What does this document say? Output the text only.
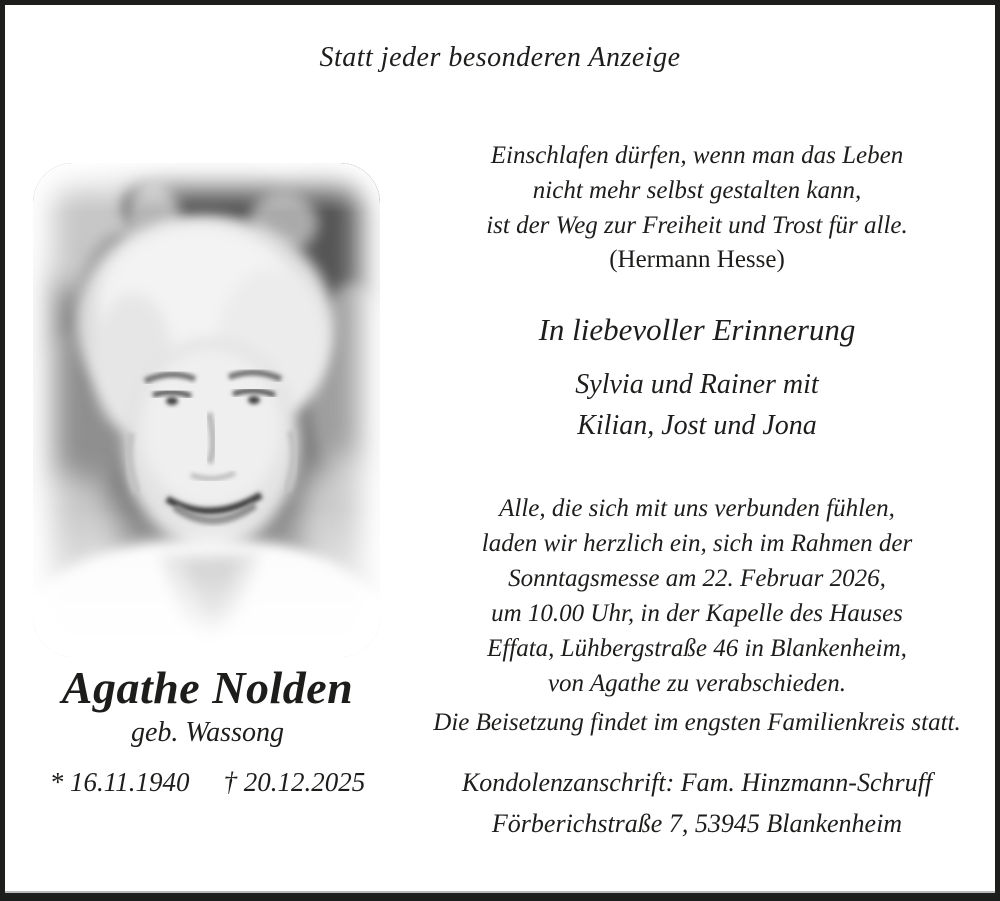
Statt jeder besonderen Anzeige
Agathe Nolden
geb. Wassong
* 16.11.1940 † 20.12.2025
Einschlafen dürfen, wenn man das Leben
nicht mehr selbst gestalten kann,
ist der Weg zur Freiheit und Trost für alle.
(Hermann Hesse)
In liebevoller Erinnerung
Sylvia und Rainer mit
Kilian, Jost und Jona
Alle, die sich mit uns verbunden fühlen,
laden wir herzlich ein, sich im Rahmen der
Sonntagsmesse am 22. Februar 2026,
um 10.00 Uhr, in der Kapelle des Hauses
Effata, Lühbergstraße 46 in Blankenheim,
von Agathe zu verabschieden.
Die Beisetzung findet im engsten Familienkreis statt.
Kondolenzanschrift: Fam. Hinzmann-Schruff
Förberichstraße 7, 53945 Blankenheim
